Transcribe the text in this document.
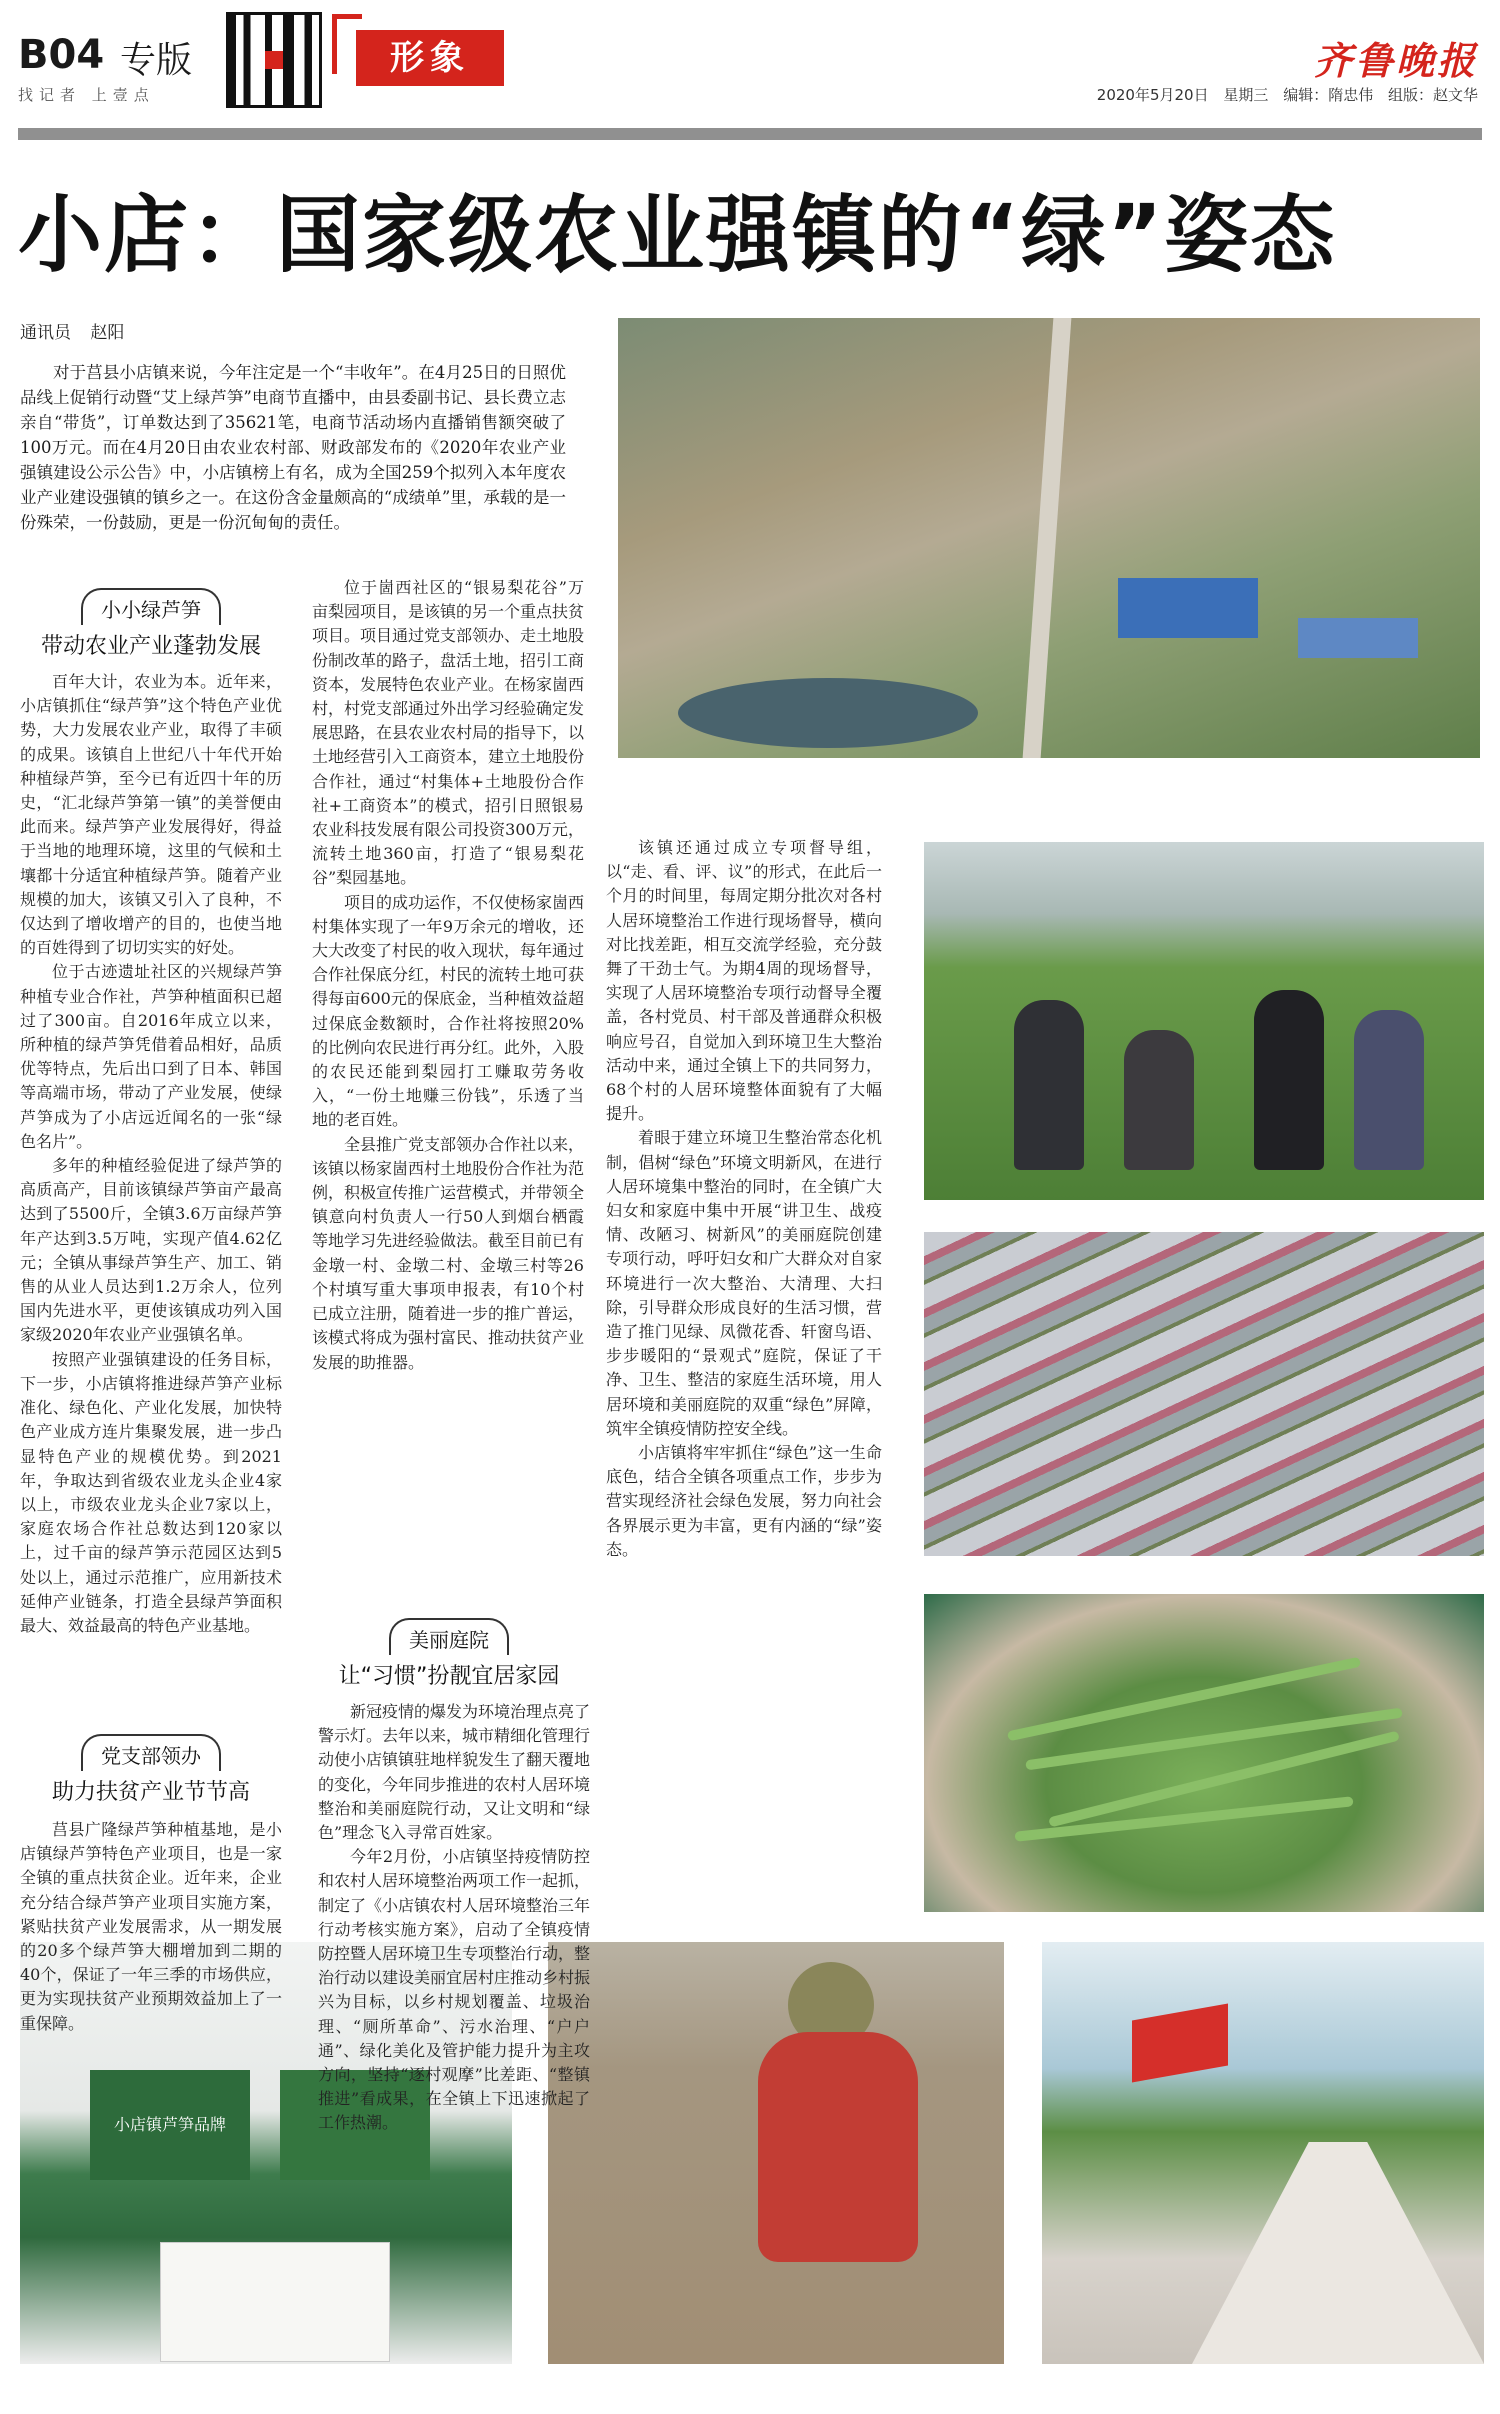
B04 专版
找记者 上壹点
形象	齐鲁晚报
2020年5月20日 星期三 编辑：隋忠伟 组版：赵文华
小店：国家级农业强镇的“绿”姿态
通讯员 赵阳

对于莒县小店镇来说，今年注定是一个“丰收年”。在4月25日的日照优品线上促销行动暨“艾上绿芦笋”电商节直播中，由县委副书记、县长费立志亲自“带货”，订单数达到了35621笔，电商节活动场内直播销售额突破了100万元。而在4月20日由农业农村部、财政部发布的《2020年农业产业强镇建设公示公告》中，小店镇榜上有名，成为全国259个拟列入本年度农业产业建设强镇的镇乡之一。在这份含金量颇高的“成绩单”里，承载的是一份殊荣，一份鼓励，更是一份沉甸甸的责任。

小店镇芦笋品牌
小小绿芦笋
带动农业产业蓬勃发展
党支部领办
助力扶贫产业节节高
美丽庭院
让“习惯”扮靓宜居家园

百年大计，农业为本。近年来，小店镇抓住“绿芦笋”这个特色产业优势，大力发展农业产业，取得了丰硕的成果。该镇自上世纪八十年代开始种植绿芦笋，至今已有近四十年的历史，“汇北绿芦笋第一镇”的美誉便由此而来。绿芦笋产业发展得好，得益于当地的地理环境，这里的气候和土壤都十分适宜种植绿芦笋。随着产业规模的加大，该镇又引入了良种，不仅达到了增收增产的目的，也使当地的百姓得到了切切实实的好处。

位于古迹遗址社区的兴规绿芦笋种植专业合作社，芦笋种植面积已超过了300亩。自2016年成立以来，所种植的绿芦笋凭借着品相好，品质优等特点，先后出口到了日本、韩国等高端市场，带动了产业发展，使绿芦笋成为了小店远近闻名的一张“绿色名片”。

多年的种植经验促进了绿芦笋的高质高产，目前该镇绿芦笋亩产最高达到了5500斤，全镇3.6万亩绿芦笋年产达到3.5万吨，实现产值4.62亿元；全镇从事绿芦笋生产、加工、销售的从业人员达到1.2万余人，位列国内先进水平，更使该镇成功列入国家级2020年农业产业强镇名单。

按照产业强镇建设的任务目标，下一步，小店镇将推进绿芦笋产业标准化、绿色化、产业化发展，加快特色产业成方连片集聚发展，进一步凸显特色产业的规模优势。到2021年，争取达到省级农业龙头企业4家以上，市级农业龙头企业7家以上，家庭农场合作社总数达到120家以上，过千亩的绿芦笋示范园区达到5处以上，通过示范推广，应用新技术延伸产业链条，打造全县绿芦笋面积最大、效益最高的特色产业基地。

位于崮西社区的“银易梨花谷”万亩梨园项目，是该镇的另一个重点扶贫项目。项目通过党支部领办、走土地股份制改革的路子，盘活土地，招引工商资本，发展特色农业产业。在杨家崮西村，村党支部通过外出学习经验确定发展思路，在县农业农村局的指导下，以土地经营引入工商资本，建立土地股份合作社，通过“村集体+土地股份合作社+工商资本”的模式，招引日照银易农业科技发展有限公司投资300万元，流转土地360亩，打造了“银易梨花谷”梨园基地。

项目的成功运作，不仅使杨家崮西村集体实现了一年9万余元的增收，还大大改变了村民的收入现状，每年通过合作社保底分红，村民的流转土地可获得每亩600元的保底金，当种植效益超过保底金数额时，合作社将按照20%的比例向农民进行再分红。此外，入股的农民还能到梨园打工赚取劳务收入，“一份土地赚三份钱”，乐透了当地的老百姓。

全县推广党支部领办合作社以来，该镇以杨家崮西村土地股份合作社为范例，积极宣传推广运营模式，并带领全镇意向村负责人一行50人到烟台栖霞等地学习先进经验做法。截至目前已有金墩一村、金墩二村、金墩三村等26个村填写重大事项申报表，有10个村已成立注册，随着进一步的推广普运，该模式将成为强村富民、推动扶贫产业发展的助推器。

莒县广隆绿芦笋种植基地，是小店镇绿芦笋特色产业项目，也是一家全镇的重点扶贫企业。近年来，企业充分结合绿芦笋产业项目实施方案，紧贴扶贫产业发展需求，从一期发展的20多个绿芦笋大棚增加到二期的40个，保证了一年三季的市场供应，更为实现扶贫产业预期效益加上了一重保障。

新冠疫情的爆发为环境治理点亮了警示灯。去年以来，城市精细化管理行动使小店镇镇驻地样貌发生了翻天覆地的变化，今年同步推进的农村人居环境整治和美丽庭院行动，又让文明和“绿色”理念飞入寻常百姓家。

今年2月份，小店镇坚持疫情防控和农村人居环境整治两项工作一起抓，制定了《小店镇农村人居环境整治三年行动考核实施方案》，启动了全镇疫情防控暨人居环境卫生专项整治行动，整治行动以建设美丽宜居村庄推动乡村振兴为目标，以乡村规划覆盖、垃圾治理、“厕所革命”、污水治理、“户户通”、绿化美化及管护能力提升为主攻方向，坚持“逐村观摩”比差距、“整镇推进”看成果，在全镇上下迅速掀起了工作热潮。

该镇还通过成立专项督导组，以“走、看、评、议”的形式，在此后一个月的时间里，每周定期分批次对各村人居环境整治工作进行现场督导，横向对比找差距，相互交流学经验，充分鼓舞了干劲士气。为期4周的现场督导，实现了人居环境整治专项行动督导全覆盖，各村党员、村干部及普通群众积极响应号召，自觉加入到环境卫生大整治活动中来，通过全镇上下的共同努力，68个村的人居环境整体面貌有了大幅提升。

着眼于建立环境卫生整治常态化机制，倡树“绿色”环境文明新风，在进行人居环境集中整治的同时，在全镇广大妇女和家庭中集中开展“讲卫生、战疫情、改陋习、树新风”的美丽庭院创建专项行动，呼吁妇女和广大群众对自家环境进行一次大整治、大清理、大扫除，引导群众形成良好的生活习惯，营造了推门见绿、凤微花香、轩窗鸟语、步步暖阳的“景观式”庭院，保证了干净、卫生、整洁的家庭生活环境，用人居环境和美丽庭院的双重“绿色”屏障，筑牢全镇疫情防控安全线。

小店镇将牢牢抓住“绿色”这一生命底色，结合全镇各项重点工作，步步为营实现经济社会绿色发展，努力向社会各界展示更为丰富，更有内涵的“绿”姿态。
